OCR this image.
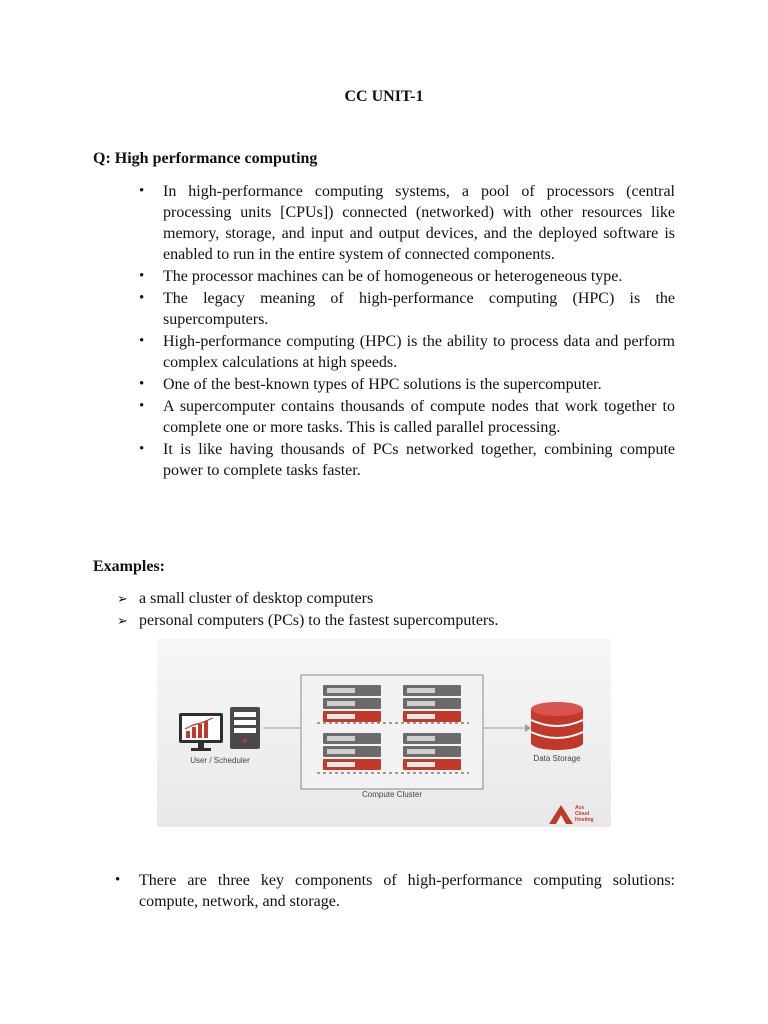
CC UNIT-1
Q: High performance computing
• In high-performance computing systems, a pool of processors (central processing units [CPUs]) connected (networked) with other resources like memory, storage, and input and output devices, and the deployed software is enabled to run in the entire system of connected components.
• The processor machines can be of homogeneous or heterogeneous type.
• The legacy meaning of high-performance computing (HPC) is the supercomputers.
• High-performance computing (HPC) is the ability to process data and perform complex calculations at high speeds.
• One of the best-known types of HPC solutions is the supercomputer.
• A supercomputer contains thousands of compute nodes that work together to complete one or more tasks. This is called parallel processing.
• It is like having thousands of PCs networked together, combining compute power to complete tasks faster.
Examples:
➢ a small cluster of desktop computers
➢ personal computers (PCs) to the fastest supercomputers.
User / Scheduler
Compute Cluster
Data Storage
Ace
Cloud
Hosting
• There are three key components of high-performance computing solutions: compute, network, and storage.
